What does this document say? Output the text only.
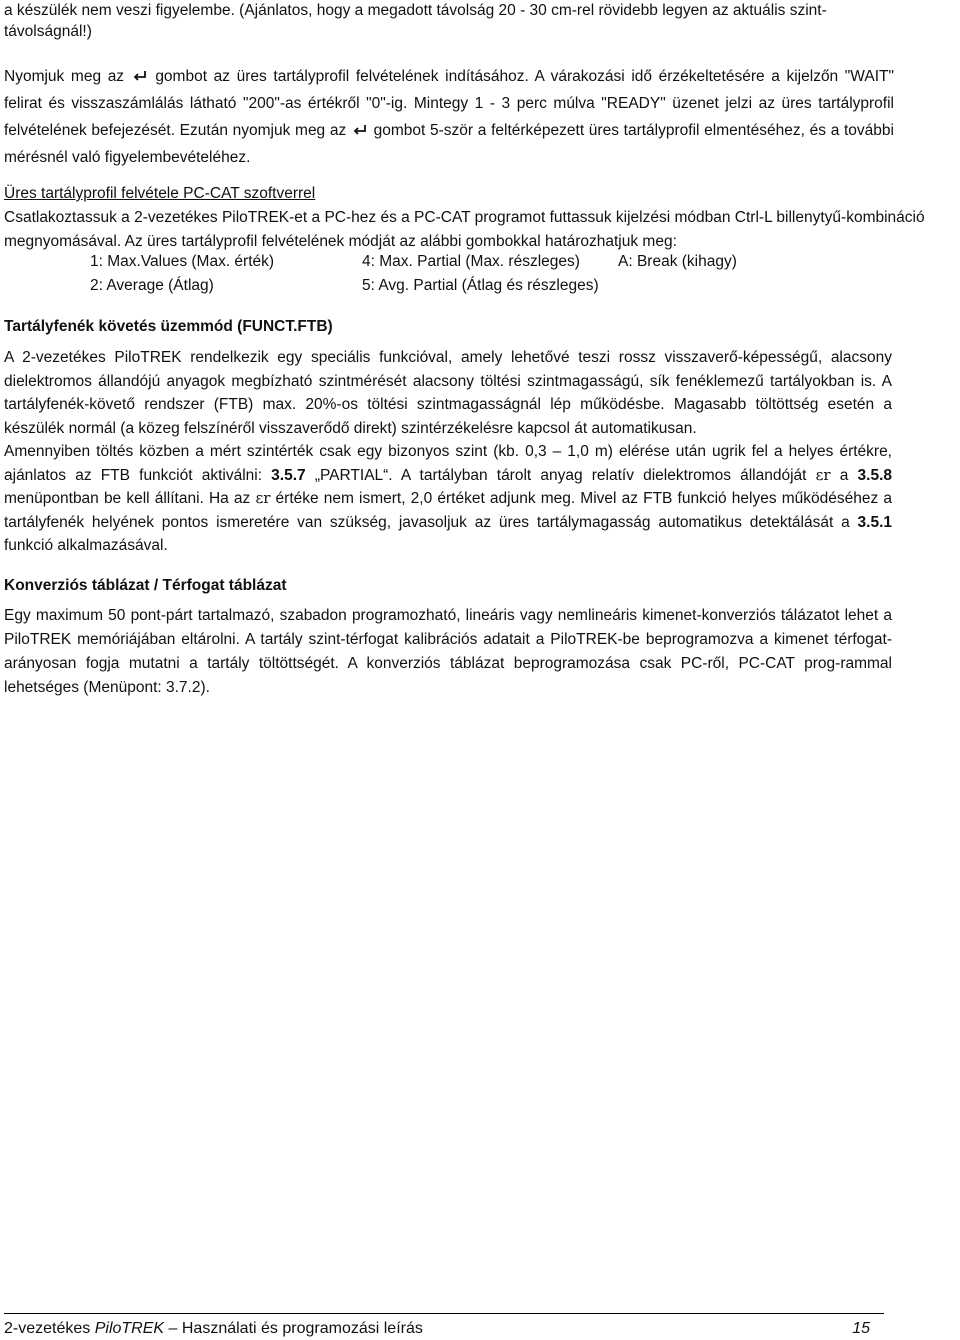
a készülék nem veszi figyelembe. (Ajánlatos, hogy a megadott távolság 20 - 30 cm-rel rövidebb legyen az aktuális szint-távolságnál!)

Nyomjuk meg az gombot az üres tartályprofil felvételének indításához. A várakozási idő érzékeltetésére a kijelzőn "WAIT" felirat és visszaszámlálás látható "200"-as értékről "0"-ig. Mintegy 1 - 3 perc múlva "READY" üzenet jelzi az üres tartályprofil felvételének befejezését. Ezután nyomjuk meg az gombot 5-ször a feltérképezett üres tartályprofil elmentéséhez, és a további mérésnél való figyelembevételéhez.

Üres tartályprofil felvétele PC-CAT szoftverrel

Csatlakoztassuk a 2-vezetékes PiloTREK-et a PC-hez és a PC-CAT programot futtassuk kijelzési módban Ctrl-L billenytyű-kombináció megnyomásával. Az üres tartályprofil felvételének módját az alábbi gombokkal határozhatjuk meg:

1: Max.Values (Max. érték)	4: Max. Partial (Max. részleges) A: Break (kihagy)
2: Average (Átlag)	5: Avg. Partial (Átlag és részleges)
Tartályfenék követés üzemmód (FUNCT.FTB)

A 2-vezetékes PiloTREK rendelkezik egy speciális funkcióval, amely lehetővé teszi rossz visszaverő-képességű, alacsony dielektromos állandójú anyagok megbízható szintmérését alacsony töltési szintmagasságú, sík fenéklemezű tartályokban is. A tartályfenék-követő rendszer (FTB) max. 20%-os töltési szintmagasságnál lép működésbe. Magasabb töltöttség esetén a készülék normál (a közeg felszínéről visszaverődő direkt) szintérzékelésre kapcsol át automatikusan.

Amennyiben töltés közben a mért szintérték csak egy bizonyos szint (kb. 0,3 – 1,0 m) elérése után ugrik fel a helyes értékre, ajánlatos az FTB funkciót aktiválni: 3.5.7 „PARTIAL“. A tartályban tárolt anyag relatív dielektromos állandóját εr a 3.5.8 menüpontban be kell állítani. Ha az εr értéke nem ismert, 2,0 értéket adjunk meg. Mivel az FTB funkció helyes működéséhez a tartályfenék helyének pontos ismeretére van szükség, javasoljuk az üres tartálymagasság automatikus detektálását a 3.5.1 funkció alkalmazásával.

Konverziós táblázat / Térfogat táblázat

Egy maximum 50 pont-párt tartalmazó, szabadon programozható, lineáris vagy nemlineáris kimenet-konverziós tálázatot lehet a PiloTREK memóriájában eltárolni. A tartály szint-térfogat kalibrációs adatait a PiloTREK-be beprogramozva a kimenet térfogat-arányosan fogja mutatni a tartály töltöttségét. A konverziós táblázat beprogramozása csak PC-ről, PC-CAT prog-rammal lehetséges (Menüpont: 3.7.2).

2-vezetékes PiloTREK – Használati és programozási leírás	15
